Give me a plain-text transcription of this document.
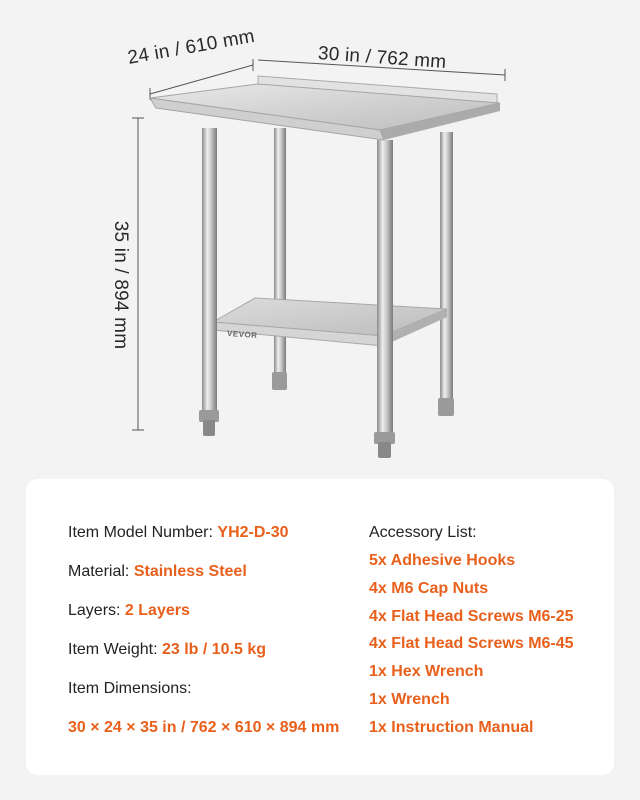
24 in / 610 mm	30 in / 762 mm
35 in / 894 mm	VEVOR
Item Model Number: YH2-D-30
Material: Stainless Steel
Layers: 2 Layers
Item Weight: 23 lb / 10.5 kg
Item Dimensions:
30 × 24 × 35 in / 762 × 610 × 894 mm
Accessory List:
5x Adhesive Hooks
4x M6 Cap Nuts
4x Flat Head Screws M6-25
4x Flat Head Screws M6-45
1x Hex Wrench
1x Wrench
1x Instruction Manual
